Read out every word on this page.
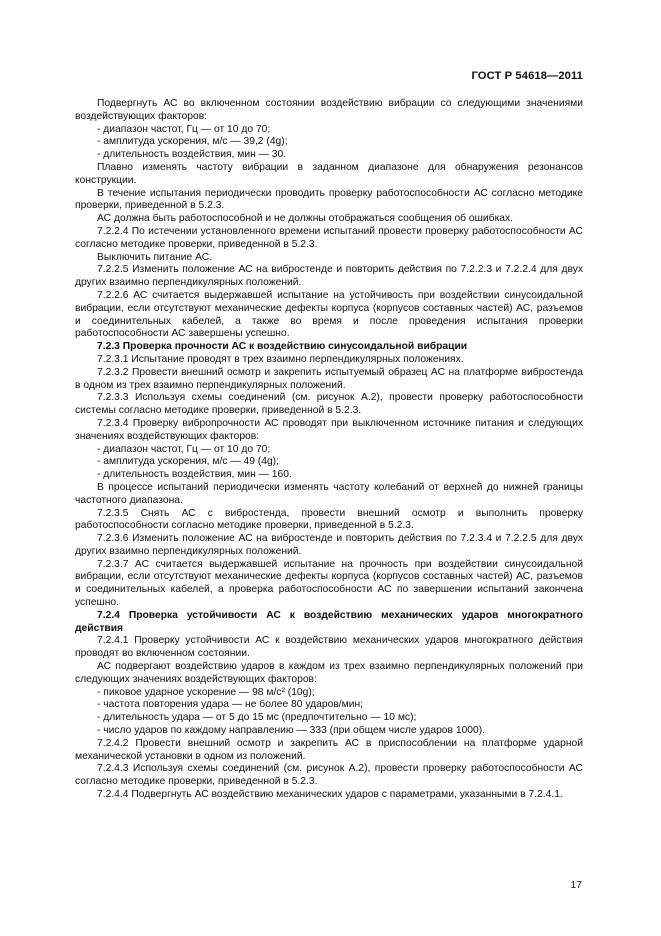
ГОСТ Р 54618—2011

Подвергнуть АС во включенном состоянии воздействию вибрации со следующими значениями воздействующих факторов:

- диапазон частот, Гц — от 10 до 70;

- амплитуда ускорения, м/с — 39,2 (4g);

- длительность воздействия, мин — 30.

Плавно изменять частоту вибрации в заданном диапазоне для обнаружения резонансов конструкции.

В течение испытания периодически проводить проверку работоспособности АС согласно методике проверки, приведенной в 5.2.3.

АС должна быть работоспособной и не должны отображаться сообщения об ошибках.

7.2.2.4 По истечении установленного времени испытаний провести проверку работоспособности АС согласно методике проверки, приведенной в 5.2.3.

Выключить питание АС.

7.2.2.5 Изменить положение АС на вибростенде и повторить действия по 7.2.2.3 и 7.2.2.4 для двух других взаимно перпендикулярных положений.

7.2.2.6 АС считается выдержавшей испытание на устойчивость при воздействии синусоидальной вибрации, если отсутствуют механические дефекты корпуса (корпусов составных частей) АС, разъемов и соединительных кабелей, а также во время и после проведения испытания проверки работоспособности АС завершены успешно.

7.2.3 Проверка прочности АС к воздействию синусоидальной вибрации

7.2.3.1 Испытание проводят в трех взаимно перпендикулярных положениях.

7.2.3.2 Провести внешний осмотр и закрепить испытуемый образец АС на платформе вибростенда в одном из трех взаимно перпендикулярных положений.

7.2.3.3 Используя схемы соединений (см. рисунок А.2), провести проверку работоспособности системы согласно методике проверки, приведенной в 5.2.3.

7.2.3.4 Проверку вибропрочности АС проводят при выключенном источнике питания и следующих значениях воздействующих факторов:

- диапазон частот, Гц — от 10 до 70;

- амплитуда ускорения, м/с — 49 (4g);

- длительность воздействия, мин — 160.

В процессе испытаний периодически изменять частоту колебаний от верхней до нижней границы частотного диапазона.

7.2.3.5 Снять АС с вибростенда, провести внешний осмотр и выполнить проверку работоспособности согласно методике проверки, приведенной в 5.2.3.

7.2.3.6 Изменить положение АС на вибростенде и повторить действия по 7.2.3.4 и 7.2.2.5 для двух других взаимно перпендикулярных положений.

7.2.3.7 АС считается выдержавшей испытание на прочность при воздействии синусоидальной вибрации, если отсутствуют механические дефекты корпуса (корпусов составных частей) АС, разъемов и соединительных кабелей, а проверка работоспособности АС по завершении испытаний закончена успешно.

7.2.4 Проверка устойчивости АС к воздействию механических ударов многократного действия

7.2.4.1 Проверку устойчивости АС к воздействию механических ударов многократного действия проводят во включенном состоянии.

АС подвергают воздействию ударов в каждом из трех взаимно перпендикулярных положений при следующих значениях воздействующих факторов:

- пиковое ударное ускорение — 98 м/с² (10g);

- частота повторения удара — не более 80 ударов/мин;

- длительность удара — от 5 до 15 мс (предпочтительно — 10 мс);

- число ударов по каждому направлению — 333 (при общем числе ударов 1000).

7.2.4.2 Провести внешний осмотр и закрепить АС в приспособлении на платформе ударной механической установки в одном из положений.

7.2.4.3 Используя схемы соединений (см. рисунок А.2), провести проверку работоспособности АС согласно методике проверки, приведенной в 5.2.3.

7.2.4.4 Подвергнуть АС воздействию механических ударов с параметрами, указанными в 7.2.4.1.

17
